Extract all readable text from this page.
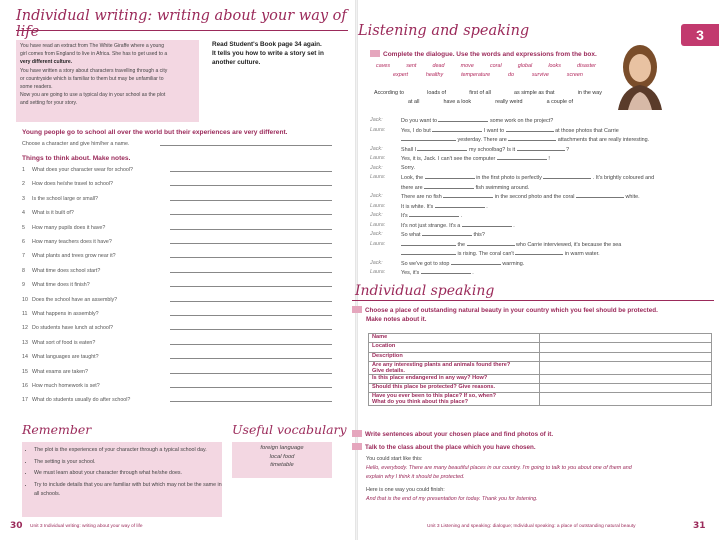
Individual writing: writing about your way of life
You have read an extract from The White Giraffe where a young
girl comes from England to live in Africa. She has to get used to a
very different culture.
You have written a story about characters travelling through a city
or countryside which is familiar to them but may be unfamiliar to
some readers.
Now you are going to use a typical day in your school as the plot
and setting for your story.
Read Student's Book page 34 again.
It tells you how to write a story set in
another culture.
Young people go to school all over the world but their experiences are very different.
Choose a character and give him/her a name.
Things to think about. Make notes.
1 What does your character wear for school?
2 How does he/she travel to school?
3 Is the school large or small?
4 What is it built of?
5 How many pupils does it have?
6 How many teachers does it have?
7 What plants and trees grow near it?
8 What time does school start?
9 What time does it finish?
10 Does the school have an assembly?
11 What happens in assembly?
12 Do students have lunch at school?
13 What sort of food is eaten?
14 What languages are taught?
15 What exams are taken?
16 How much homework is set?
17 What do students usually do after school?
Remember
• The plot is the experiences of your character through a typical school day.
• The setting is your school.
• We must learn about your character through what he/she does.
• Try to include details that you are familiar with but which may not be the same in all schools.
Useful vocabulary
foreign language
local food
timetable
30 Unit 3 Individual writing: writing about your way of life
Listening and speaking	3
Complete the dialogue. Use the words and expressions from the box.
caves	sent	dead	move	coral	global	looks	disaster
expert	healthy	temperature	do	survive	screen
According to	loads of	first of all	as simple as that	in the way
at all	have a look	really weird	a couple of
Jack:	Do you want to	some work on the project?
Laura:	Yes, I do but	I want to	at those photos that Carrie
yesterday. There are	attachments that are really interesting.
Jack:	Shall I	my schoolbag? Is it	?
Laura:	Yes, it is, Jack. I can't see the computer	!
Jack:	Sorry.
Laura:	Look, the	in the first photo is perfectly	. It's brightly coloured and
there are	fish swimming around.
Jack:	There are no fish	in the second photo and the coral	white.
Laura:	It is white. It's	.
Jack:	It's	.
Laura:	It's not just strange. It's a	.
Jack:	So what	this?
Laura:	the	who Carrie interviewed, it's because the sea
is rising. The coral can't	in warm water.
Jack:	So we've got to stop	warming.
Laura:	Yes, it's	.
Individual speaking
Choose a place of outstanding natural beauty in your country which you feel should be protected.
Make notes about it.
Name	
Location	
Description	

Are any interesting plants and animals found there?
Give details.	

Is this place endangered in any way? How?	
Should this place be protected? Give reasons.	

Have you ever been to this place? If so, when?
What do you think about this place?	

Write sentences about your chosen place and find photos of it.
Talk to the class about the place which you have chosen.
You could start like this:
Hello, everybody. There are many beautiful places in our country. I'm going to talk to you about one of them and
explain why I think it should be protected.
Here is one way you could finish:
And that is the end of my presentation for today. Thank you for listening.
Unit 3 Listening and speaking: dialogue; Individual speaking: a place of outstanding natural beauty	31
